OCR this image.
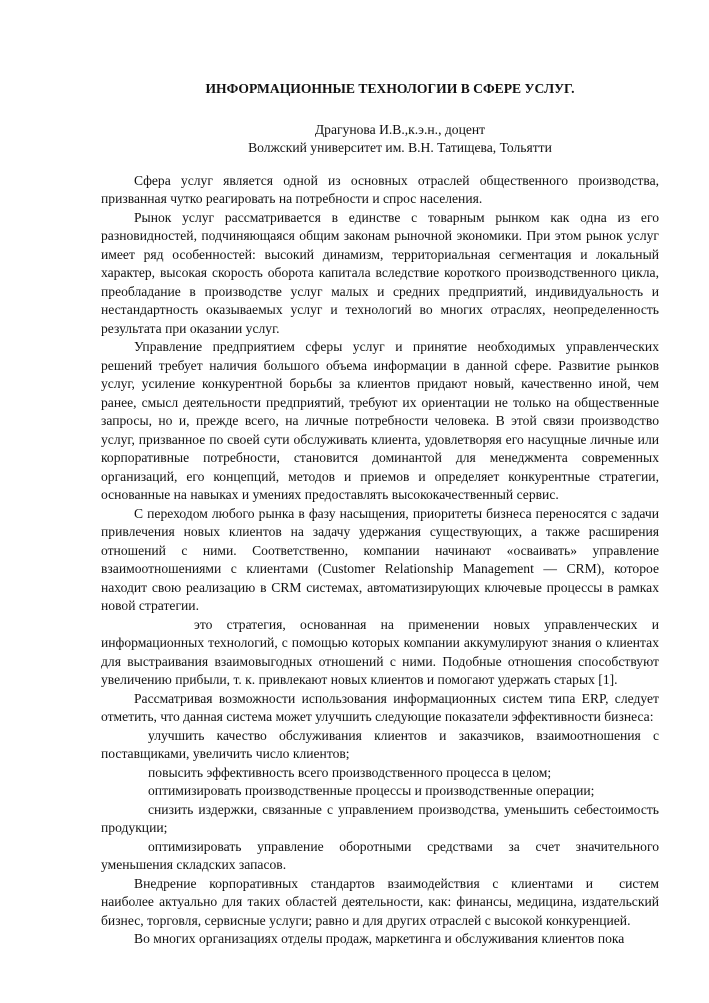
ИНФОРМАЦИОННЫЕ ТЕХНОЛОГИИ В СФЕРЕ УСЛУГ.

Драгунова И.В.,к.э.н., доцент

Волжский университет им. В.Н. Татищева, Тольятти

Сфера услуг является одной из основных отраслей общественного производства, призванная чутко реагировать на потребности и спрос населения.

Рынок услуг рассматривается в единстве с товарным рынком как одна из его разновидностей, подчиняющаяся общим законам рыночной экономики. При этом рынок услуг имеет ряд особенностей: высокий динамизм, территориальная сегментация и локальный характер, высокая скорость оборота капитала вследствие короткого производственного цикла, преобладание в производстве услуг малых и средних предприятий, индивидуальность и нестандартность оказываемых услуг и технологий во многих отраслях, неопределенность результата при оказании услуг.

Управление предприятием сферы услуг и принятие необходимых управленческих решений требует наличия большого объема информации в данной сфере. Развитие рынков услуг, усиление конкурентной борьбы за клиентов придают новый, качественно иной, чем ранее, смысл деятельности предприятий, требуют их ориентации не только на общественные запросы, но и, прежде всего, на личные потребности человека. В этой связи производство услуг, призванное по своей сути обслуживать клиента, удовлетворяя его насущные личные или корпоративные потребности, становится доминантой для менеджмента современных организаций, его концепций, методов и приемов и определяет конкурентные стратегии, основанные на навыках и умениях предоставлять высококачественный сервис.

С переходом любого рынка в фазу насыщения, приоритеты бизнеса переносятся с задачи привлечения новых клиентов на задачу удержания существующих, а также расширения отношений с ними. Соответственно, компании начинают «осваивать» управление взаимоотношениями с клиентами (Customer Relationship Management — CRM), которое находит свою реализацию в CRM системах, автоматизирующих ключевые процессы в рамках новой стратегии.

это стратегия, основанная на применении новых управленческих и информационных технологий, с помощью которых компании аккумулируют знания о клиентах для выстраивания взаимовыгодных отношений с ними. Подобные отношения способствуют увеличению прибыли, т. к. привлекают новых клиентов и помогают удержать старых [1].

Рассматривая возможности использования информационных систем типа ERP, следует отметить, что данная система может улучшить следующие показатели эффективности бизнеса:

улучшить качество обслуживания клиентов и заказчиков, взаимоотношения с поставщиками, увеличить число клиентов;

повысить эффективность всего производственного процесса в целом;

оптимизировать производственные процессы и производственные операции;

снизить издержки, связанные с управлением производства, уменьшить себестоимость продукции;

оптимизировать управление оборотными средствами за счет значительного уменьшения складских запасов.

Внедрение корпоративных стандартов взаимодействия с клиентами и систем наиболее актуально для таких областей деятельности, как: финансы, медицина, издательский бизнес, торговля, сервисные услуги; равно и для других отраслей с высокой конкуренцией.

Во многих организациях отделы продаж, маркетинга и обслуживания клиентов пока
